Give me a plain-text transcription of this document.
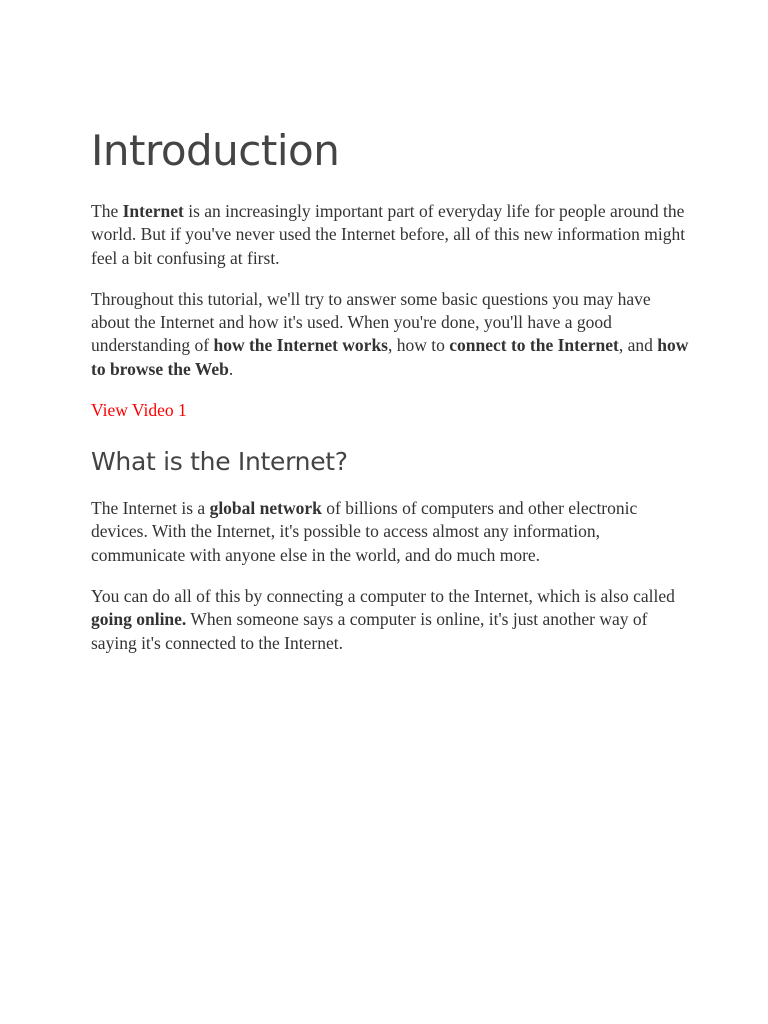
Introduction

The Internet is an increasingly important part of everyday life for people around the world. But if you've never used the Internet before, all of this new information might feel a bit confusing at first.

Throughout this tutorial, we'll try to answer some basic questions you may have about the Internet and how it's used. When you're done, you'll have a good understanding of how the Internet works, how to connect to the Internet, and how to browse the Web.

View Video 1
What is the Internet?

The Internet is a global network of billions of computers and other electronic devices. With the Internet, it's possible to access almost any information, communicate with anyone else in the world, and do much more.

You can do all of this by connecting a computer to the Internet, which is also called going online. When someone says a computer is online, it's just another way of saying it's connected to the Internet.
